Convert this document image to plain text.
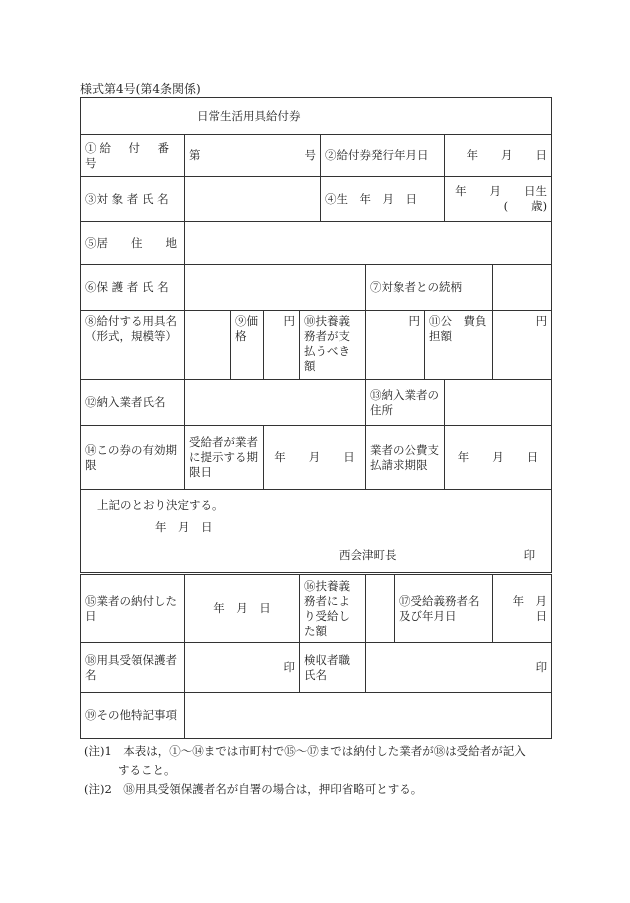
様式第4号(第4条関係)
日常生活用具給付券										
①給　付　番　号	第 号				②給付券発行年月日				年　　月　　日	
③対 象 者 氏 名					④生　年　月　日				年　　月　　日生
(　　歳)	

⑤居　　住　　地										
⑥保 護 者 氏 名						⑦対象者との続柄				
⑧給付する用具名（形式，規模等）		⑨価格	円	⑩扶養義務者が支払うべき額		円		⑪公　費負担額		円
⑫納入業者氏名						⑬納入業者の住所				
⑭この券の有効期限	受給者が業者に提示する期限日		年　　月　　日			業者の公費支払請求期限			年　　月　　日	

上記のとおり決定する。
年　月　日
西会津町長 印										

⑮業者の納付した日	年　月　日			⑯扶養義務者により受給した額			⑰受給義務者名及び年月日			年　月　日
⑱用具受領保護者名	印			検収者職氏名		印				
⑲その他特記事項										
(注)1　本表は，①～⑭までは市町村で⑮～⑰までは納付した業者が⑱は受給者が記入
すること。
(注)2　⑱用具受領保護者名が自署の場合は，押印省略可とする。
